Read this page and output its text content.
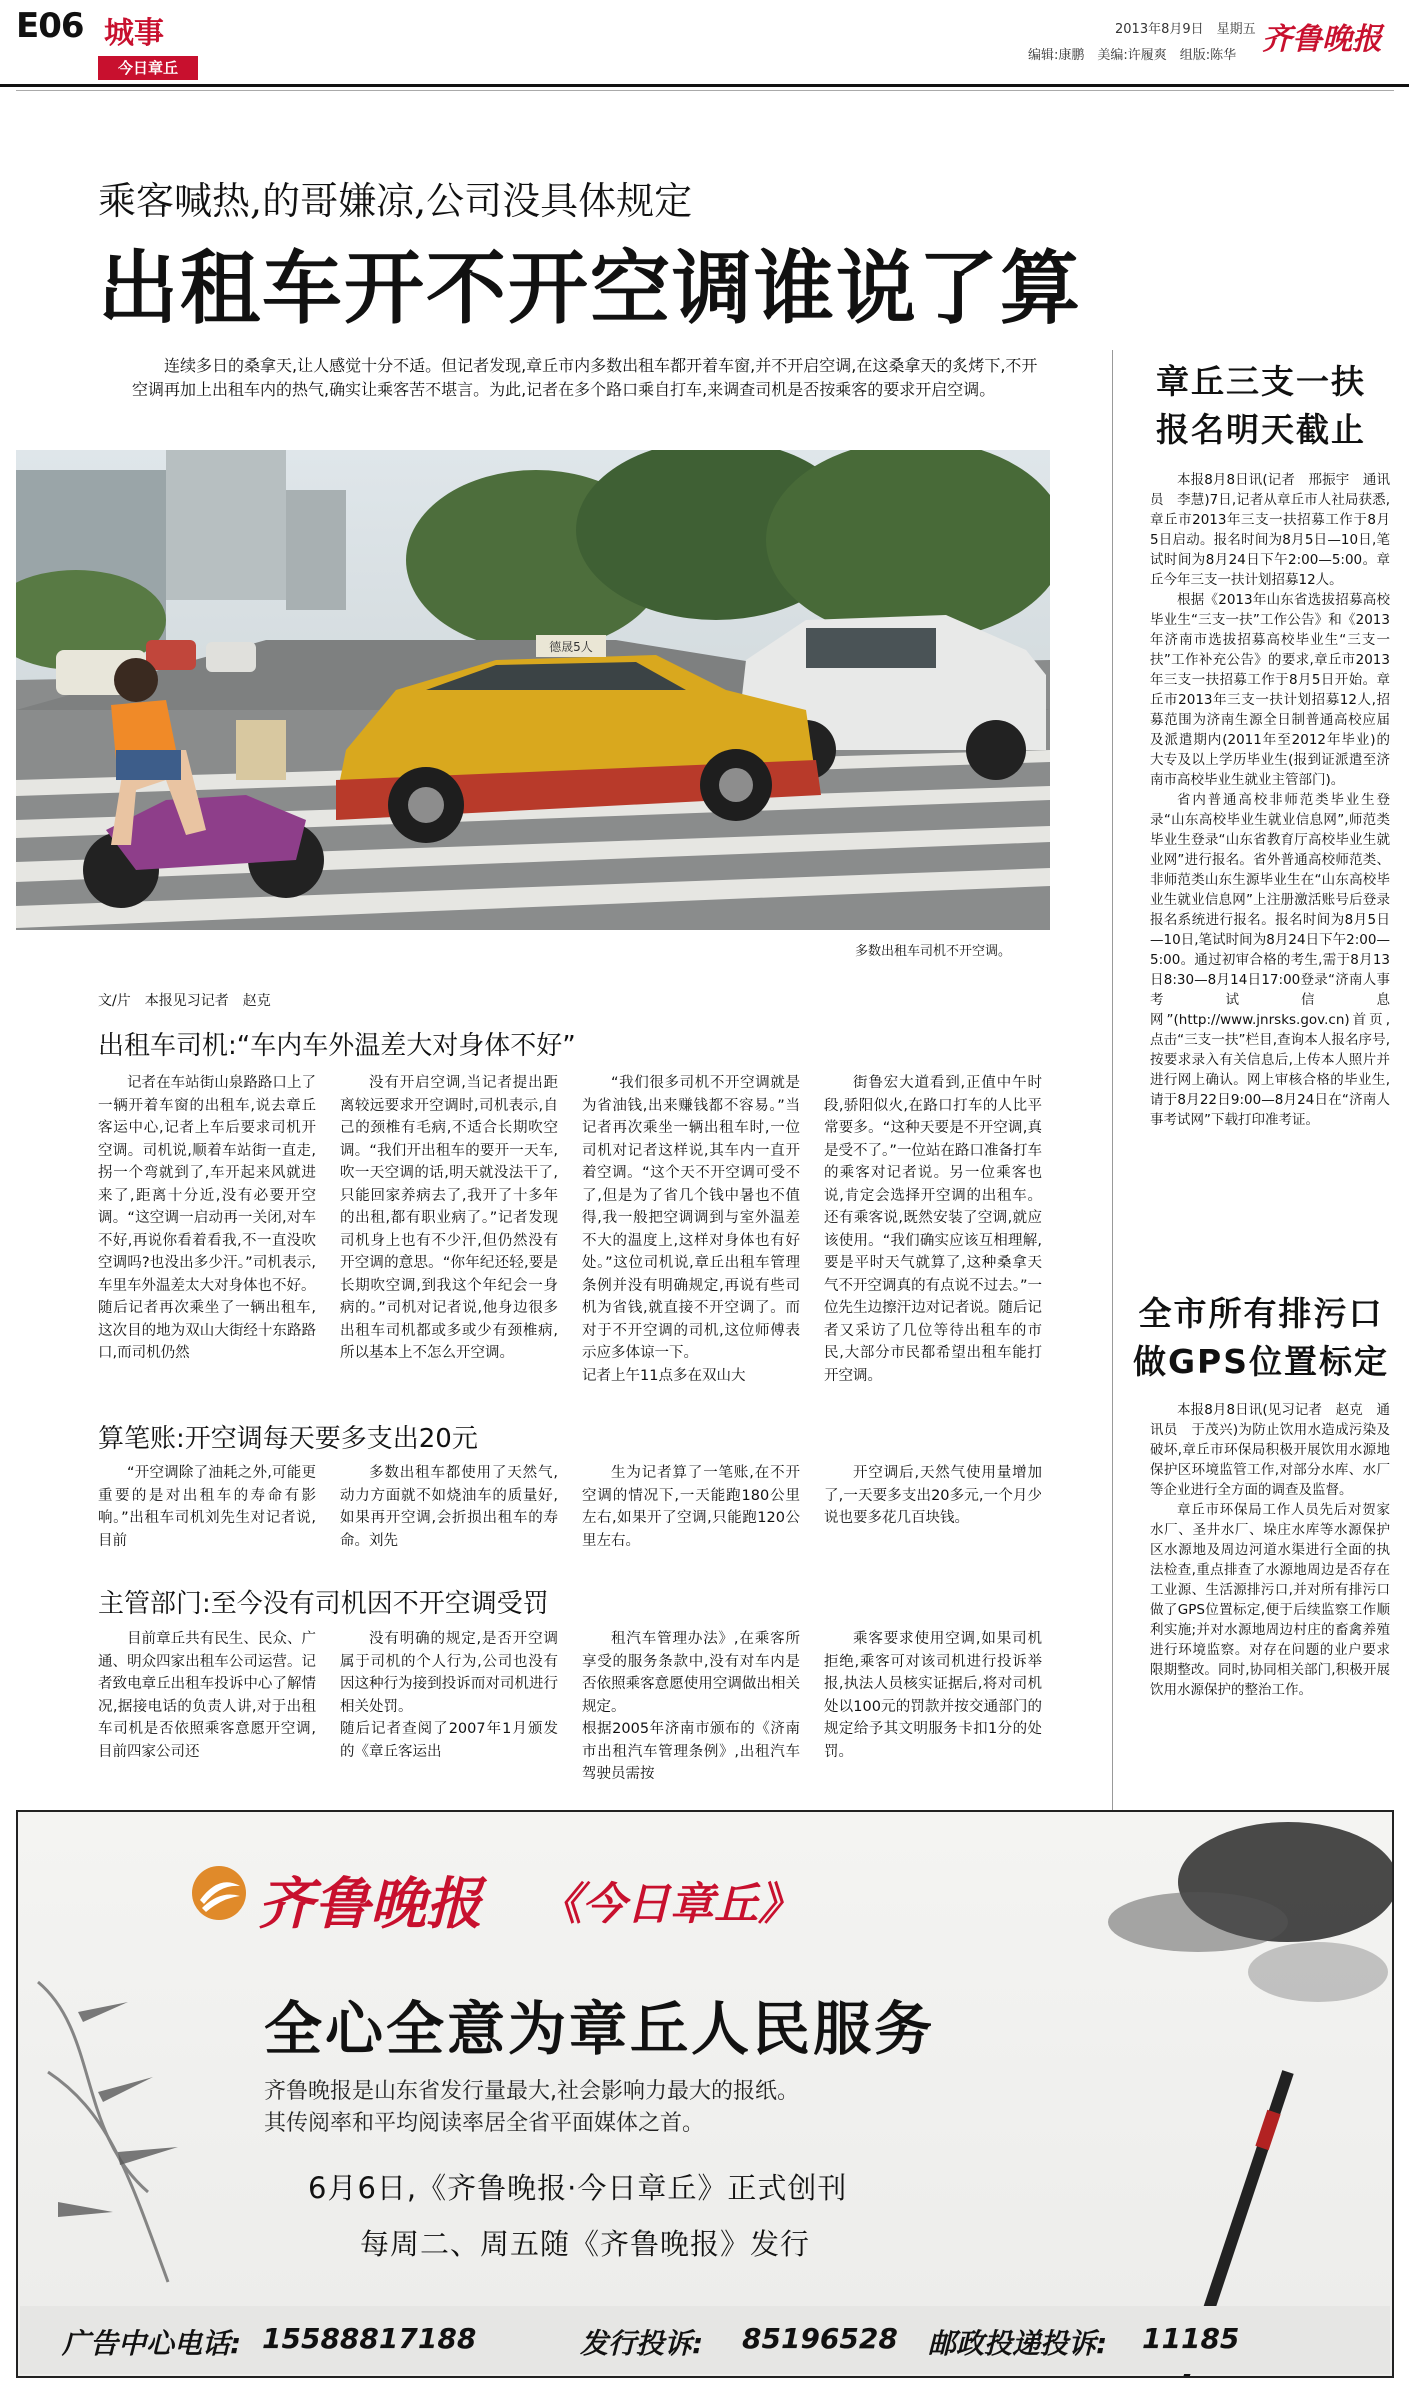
E06 城事
今日章丘
2013年8月9日　星期五
编辑:康鹏　美编:许履爽　组版:陈华 齐鲁晚报
乘客喊热,的哥嫌凉,公司没具体规定
出租车开不开空调谁说了算
连续多日的桑拿天,让人感觉十分不适。但记者发现,章丘市内多数出租车都开着车窗,并不开启空调,在这桑拿天的炙烤下,不开空调再加上出租车内的热气,确实让乘客苦不堪言。为此,记者在多个路口乘自打车,来调查司机是否按乘客的要求开启空调。
德晟5人
多数出租车司机不开空调。
文/片　本报见习记者　赵克
出租车司机:“车内车外温差大对身体不好”

记者在车站街山泉路路口上了一辆开着车窗的出租车,说去章丘客运中心,记者上车后要求司机开空调。司机说,顺着车站街一直走,拐一个弯就到了,车开起来风就进来了,距离十分近,没有必要开空调。“这空调一启动再一关闭,对车不好,再说你看着看我,不一直没吹空调吗?也没出多少汗。”司机表示,车里车外温差太大对身体也不好。
随后记者再次乘坐了一辆出租车,这次目的地为双山大街经十东路路口,而司机仍然

没有开启空调,当记者提出距离较远要求开空调时,司机表示,自己的颈椎有毛病,不适合长期吹空调。“我们开出租车的要开一天车,吹一天空调的话,明天就没法干了,只能回家养病去了,我开了十多年的出租,都有职业病了。”记者发现司机身上也有不少汗,但仍然没有开空调的意思。“你年纪还轻,要是长期吹空调,到我这个年纪会一身病的。”司机对记者说,他身边很多出租车司机都或多或少有颈椎病,所以基本上不怎么开空调。

“我们很多司机不开空调就是为省油钱,出来赚钱都不容易。”当记者再次乘坐一辆出租车时,一位司机对记者这样说,其车内一直开着空调。“这个天不开空调可受不了,但是为了省几个钱中暑也不值得,我一般把空调调到与室外温差不大的温度上,这样对身体也有好处。”这位司机说,章丘出租车管理条例并没有明确规定,再说有些司机为省钱,就直接不开空调了。而对于不开空调的司机,这位师傅表示应多体谅一下。
记者上午11点多在双山大

街鲁宏大道看到,正值中午时段,骄阳似火,在路口打车的人比平常要多。“这种天要是不开空调,真是受不了。”一位站在路口准备打车的乘客对记者说。另一位乘客也说,肯定会选择开空调的出租车。还有乘客说,既然安装了空调,就应该使用。“我们确实应该互相理解,要是平时天气就算了,这种桑拿天气不开空调真的有点说不过去。”一位先生边擦汗边对记者说。随后记者又采访了几位等待出租车的市民,大部分市民都希望出租车能打开空调。

算笔账:开空调每天要多支出20元

“开空调除了油耗之外,可能更重要的是对出租车的寿命有影响。”出租车司机刘先生对记者说,目前

多数出租车都使用了天然气,动力方面就不如烧油车的质量好,如果再开空调,会折损出租车的寿命。刘先

生为记者算了一笔账,在不开空调的情况下,一天能跑180公里左右,如果开了空调,只能跑120公里左右。

开空调后,天然气使用量增加了,一天要多支出20多元,一个月少说也要多花几百块钱。

主管部门:至今没有司机因不开空调受罚

目前章丘共有民生、民众、广通、明众四家出租车公司运营。记者致电章丘出租车投诉中心了解情况,据接电话的负责人讲,对于出租车司机是否依照乘客意愿开空调,目前四家公司还

没有明确的规定,是否开空调属于司机的个人行为,公司也没有因这种行为接到投诉而对司机进行相关处罚。
随后记者查阅了2007年1月颁发的《章丘客运出

租汽车管理办法》,在乘客所享受的服务条款中,没有对车内是否依照乘客意愿使用空调做出相关规定。
根据2005年济南市颁布的《济南市出租汽车管理条例》,出租汽车驾驶员需按

乘客要求使用空调,如果司机拒绝,乘客可对该司机进行投诉举报,执法人员核实证据后,将对司机处以100元的罚款并按交通部门的规定给予其文明服务卡扣1分的处罚。

章丘三支一扶
报名明天截止

本报8月8日讯(记者　邢振宇　通讯员　李慧)7日,记者从章丘市人社局获悉,章丘市2013年三支一扶招募工作于8月5日启动。报名时间为8月5日—10日,笔试时间为8月24日下午2:00—5:00。章丘今年三支一扶计划招募12人。

根据《2013年山东省选拔招募高校毕业生“三支一扶”工作公告》和《2013年济南市选拔招募高校毕业生“三支一扶”工作补充公告》的要求,章丘市2013年三支一扶招募工作于8月5日开始。章丘市2013年三支一扶计划招募12人,招募范围为济南生源全日制普通高校应届及派遣期内(2011年至2012年毕业)的大专及以上学历毕业生(报到证派遣至济南市高校毕业生就业主管部门)。

省内普通高校非师范类毕业生登录“山东高校毕业生就业信息网”,师范类毕业生登录“山东省教育厅高校毕业生就业网”进行报名。省外普通高校师范类、非师范类山东生源毕业生在“山东高校毕业生就业信息网”上注册激活账号后登录报名系统进行报名。报名时间为8月5日—10日,笔试时间为8月24日下午2:00—5:00。通过初审合格的考生,需于8月13日8:30—8月14日17:00登录“济南人事考试信息网”(http://www.jnrsks.gov.cn)首页,点击“三支一扶”栏目,查询本人报名序号,按要求录入有关信息后,上传本人照片并进行网上确认。网上审核合格的毕业生,请于8月22日9:00—8月24日在“济南人事考试网”下载打印准考证。

全市所有排污口
做GPS位置标定

本报8月8日讯(见习记者　赵克　通讯员　于茂兴)为防止饮用水造成污染及破坏,章丘市环保局积极开展饮用水源地保护区环境监管工作,对部分水库、水厂等企业进行全方面的调查及监督。

章丘市环保局工作人员先后对贺家水厂、圣井水厂、垛庄水库等水源保护区水源地及周边河道水渠进行全面的执法检查,重点排查了水源地周边是否存在工业源、生活源排污口,并对所有排污口做了GPS位置标定,便于后续监察工作顺利实施;并对水源地周边村庄的畜禽养殖进行环境监察。对存在问题的业户要求限期整改。同时,协同相关部门,积极开展饮用水源保护的整治工作。

齐鲁晚报 《今日章丘》
全心全意为章丘人民服务
齐鲁晚报是山东省发行量最大,社会影响力最大的报纸。
其传阅率和平均阅读率居全省平面媒体之首。
6月6日,《齐鲁晚报·今日章丘》正式创刊
每周二、周五随《齐鲁晚报》发行
广告中心电话: 15588817188	发行投诉: 85196528 邮政投递投诉: 11185
